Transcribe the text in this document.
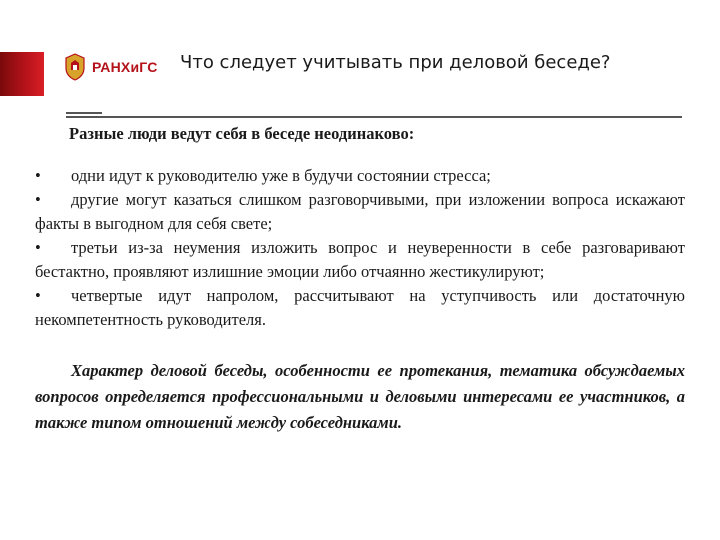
РАНХиГС Что следует учитывать при деловой беседе?
Разные люди ведут себя в беседе неодинаково:
• одни идут к руководителю уже в будучи состоянии стресса;
• другие могут казаться слишком разговорчивыми, при изложении вопроса искажают факты в выгодном для себя свете;
• третьи из-за неумения изложить вопрос и неуверенности в себе разговаривают бестактно, проявляют излишние эмоции либо отчаянно жестикулируют;
• четвертые идут напролом, рассчитывают на уступчивость или достаточную некомпетентность руководителя.

Характер деловой беседы, особенности ее протекания, тематика обсуждаемых вопросов определяется профессиональными и деловыми интересами ее участников, а также типом отношений между собеседниками.
